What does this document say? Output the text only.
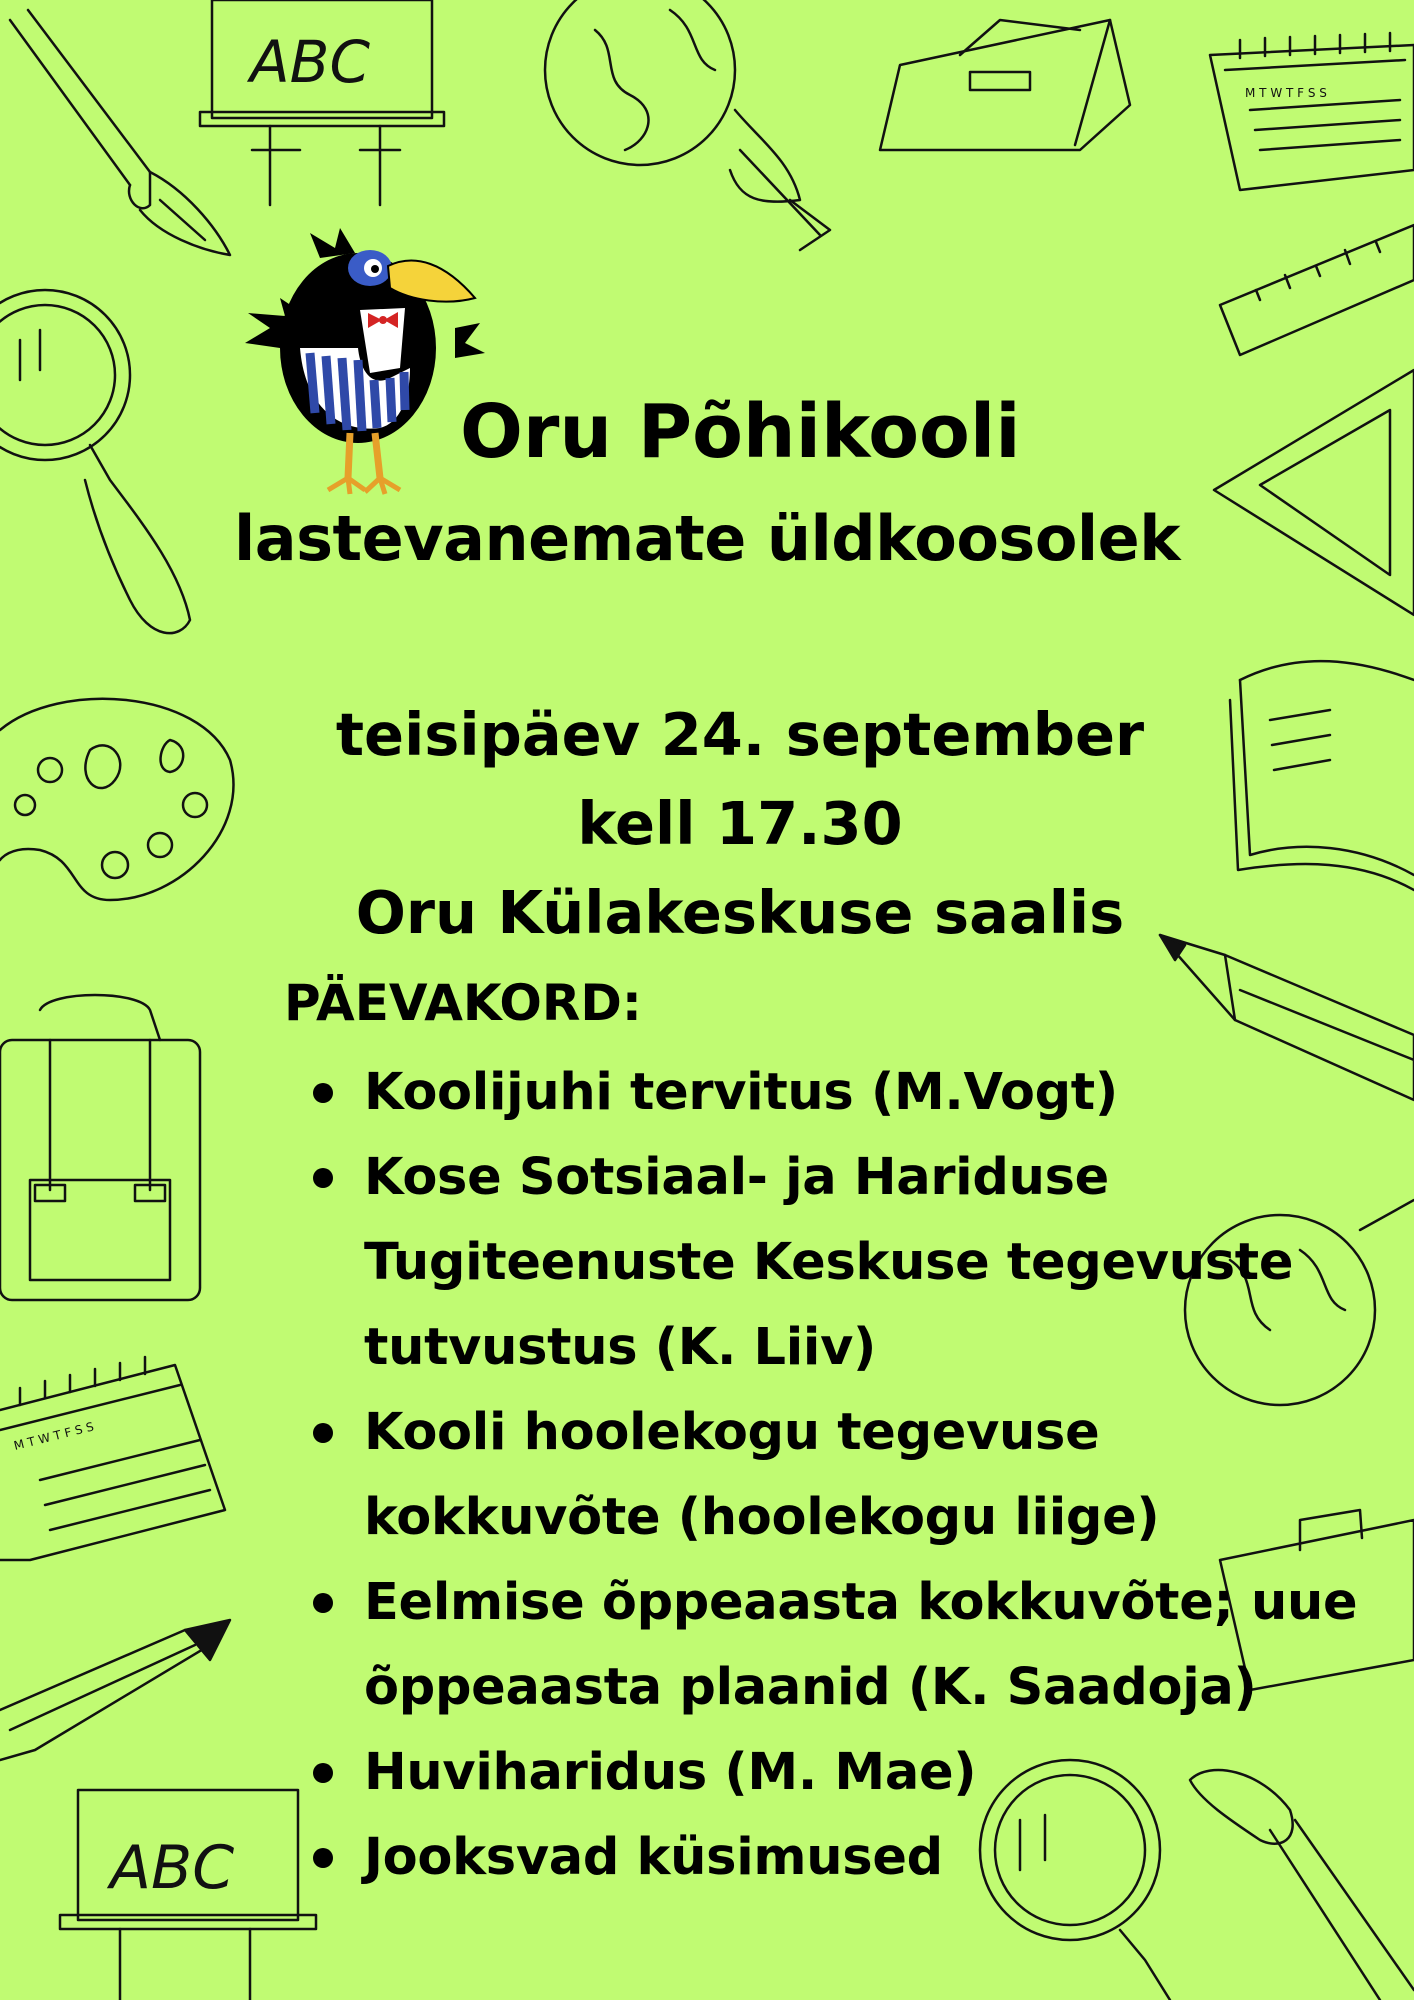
ABC	M T W T F S S
M T W T F S S
ABC
Oru Põhikooli
lastevanemate üldkoosolek
teisipäev 24. september
kell 17.30
Oru Külakeskuse saalis
PÄEVAKORD:
Koolijuhi tervitus (M.Vogt)
Kose Sotsiaal- ja Hariduse
Tugiteenuste Keskuse tegevuste
tutvustus (K. Liiv)
Kooli hoolekogu tegevuse
kokkuvõte (hoolekogu liige)
Eelmise õppeaasta kokkuvõte; uue
õppeaasta plaanid (K. Saadoja)
Huviharidus (M. Mae)
Jooksvad küsimused
